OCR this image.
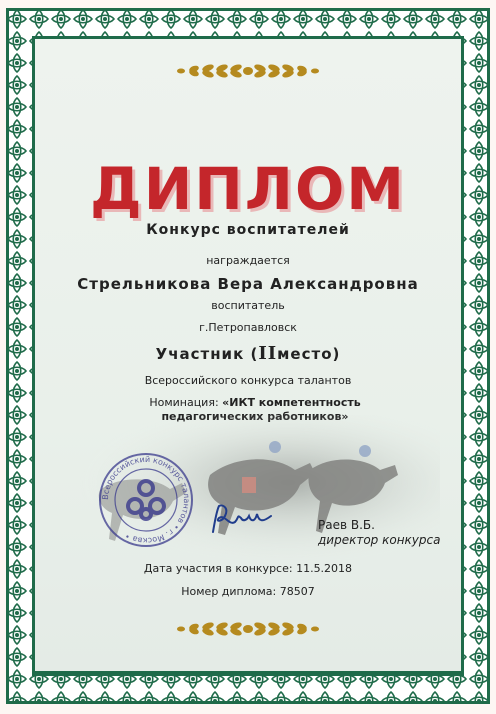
ДИПЛОМ
Конкурс воспитателей
награждается
Стрельникова Вера Александровна
воспитатель
г.Петропавловск
Участник (IIместо)
Всероссийского конкурса талантов
Номинация: «ИКТ компетентность
Всероссийский конкурс талантов • г. Москва •
Раев В.Б.
директор конкурса
Дата участия в конкурсе: 11.5.2018
Номер диплома: 78507
